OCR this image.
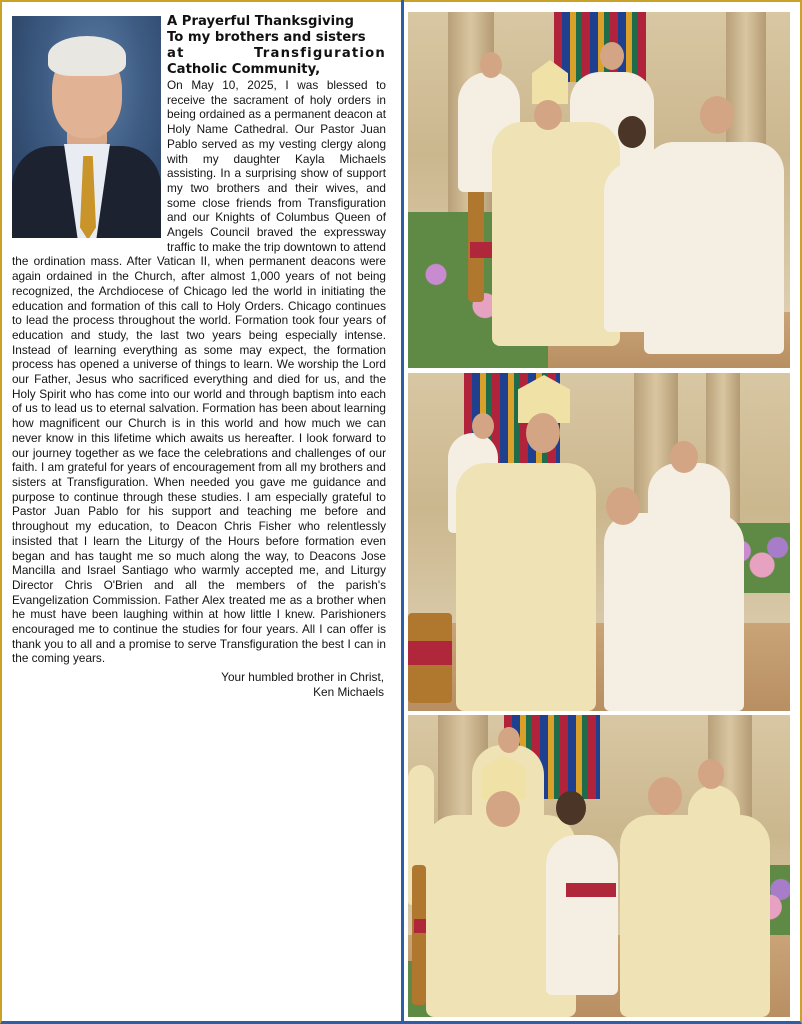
A Prayerful Thanksgiving

To my brothers and sisters

at Transfiguration

Catholic Community,

On May 10, 2025, I was blessed to receive the sacrament of holy orders in being ordained as a permanent deacon at Holy Name Cathedral. Our Pastor Juan Pablo served as my vesting clergy along with my daughter Kayla Michaels assisting. In a surprising show of support my two brothers and their wives, and some close friends from Transfiguration and our Knights of Columbus Queen of Angels Council braved the expressway traffic to make the trip downtown to attend the ordination mass. After Vatican II, when permanent deacons were again ordained in the Church, after almost 1,000 years of not being recognized, the Archdiocese of Chicago led the world in initiating the education and formation of this call to Holy Orders. Chicago continues to lead the process throughout the world. Formation took four years of education and study, the last two years being especially intense. Instead of learning everything as some may expect, the formation process has opened a universe of things to learn. We worship the Lord our Father, Jesus who sacrificed everything and died for us, and the Holy Spirit who has come into our world and through baptism into each of us to lead us to eternal salvation. Formation has been about learning how magnificent our Church is in this world and how much we can never know in this lifetime which awaits us hereafter. I look forward to our journey together as we face the celebrations and challenges of our faith. I am grateful for years of encouragement from all my brothers and sisters at Transfiguration. When needed you gave me guidance and purpose to continue through these studies. I am especially grateful to Pastor Juan Pablo for his support and teaching me before and throughout my education, to Deacon Chris Fisher who relentlessly insisted that I learn the Liturgy of the Hours before formation even began and has taught me so much along the way, to Deacons Jose Mancilla and Israel Santiago who warmly accepted me, and Liturgy Director Chris O'Brien and all the members of the parish's Evangelization Commission. Father Alex treated me as a brother when he must have been laughing within at how little I knew. Parishioners encouraged me to continue the studies for four years. All I can offer is thank you to all and a promise to serve Transfiguration the best I can in the coming years.

Your humbled brother in Christ,
Ken Michaels
